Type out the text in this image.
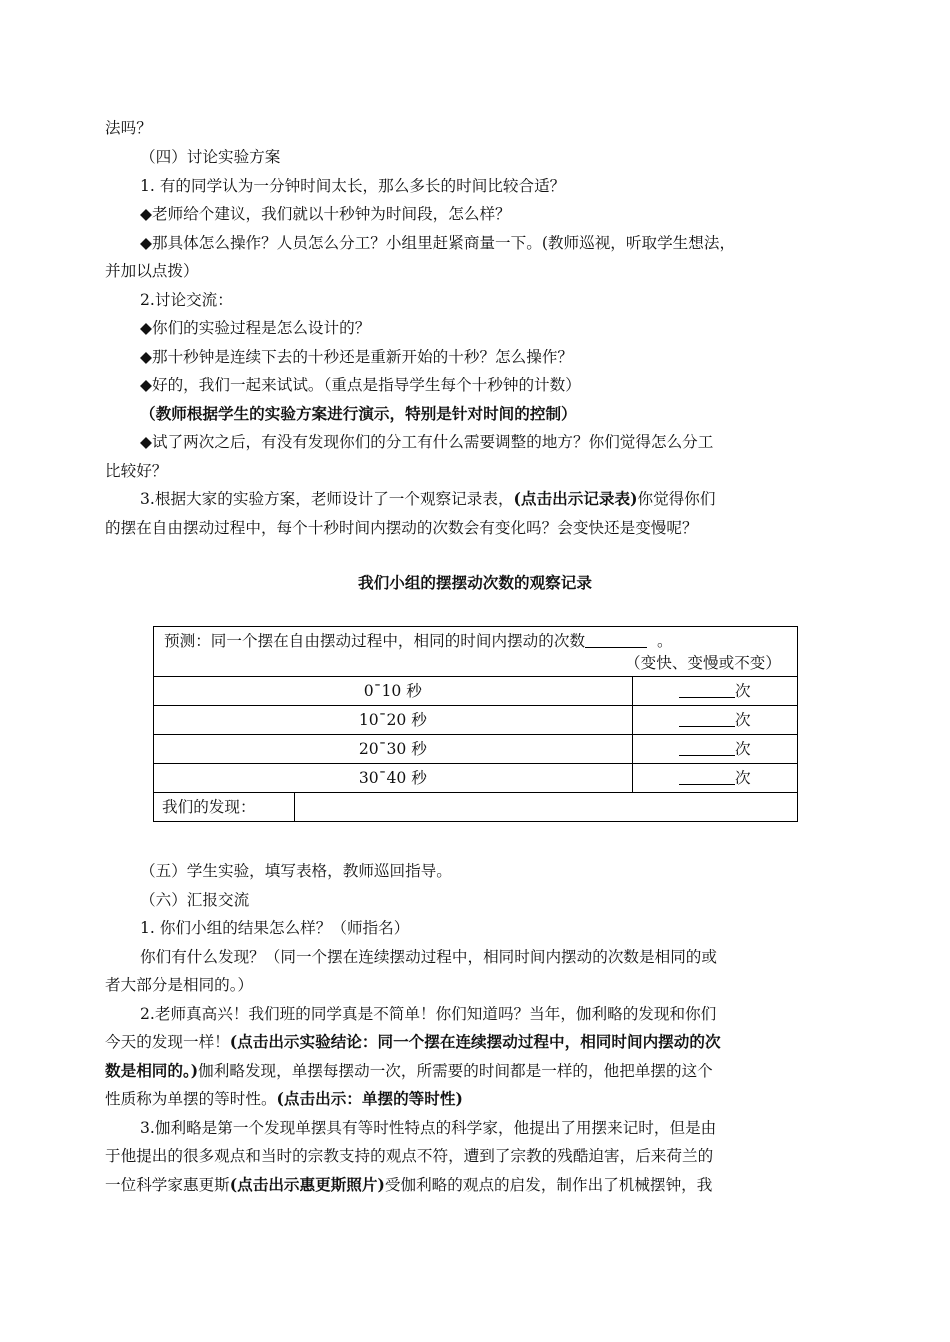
法吗？
（四）讨论实验方案
1. 有的同学认为一分钟时间太长，那么多长的时间比较合适？
◆老师给个建议，我们就以十秒钟为时间段，怎么样？
◆那具体怎么操作？人员怎么分工？小组里赶紧商量一下。(教师巡视，听取学生想法，
并加以点拨）
2.讨论交流：
◆你们的实验过程是怎么设计的？
◆那十秒钟是连续下去的十秒还是重新开始的十秒？怎么操作？
◆好的，我们一起来试试。（重点是指导学生每个十秒钟的计数）
（教师根据学生的实验方案进行演示，特别是针对时间的控制）
◆试了两次之后，有没有发现你们的分工有什么需要调整的地方？你们觉得怎么分工
比较好？
3.根据大家的实验方案，老师设计了一个观察记录表，(点击出示记录表)你觉得你们
的摆在自由摆动过程中，每个十秒时间内摆动的次数会有变化吗？会变快还是变慢呢？
我们小组的摆摆动次数的观察记录
预测：同一个摆在自由摆动过程中，相同的时间内摆动的次数 。
（变快、变慢或不变）		

0¯10 秒		次
10¯20 秒		次
20¯30 秒		次
30¯40 秒		次
我们的发现：		
（五）学生实验，填写表格，教师巡回指导。
（六）汇报交流
1. 你们小组的结果怎么样？（师指名）
你们有什么发现？（同一个摆在连续摆动过程中，相同时间内摆动的次数是相同的或
者大部分是相同的。）
2.老师真高兴！我们班的同学真是不简单！你们知道吗？当年，伽利略的发现和你们
今天的发现一样！(点击出示实验结论：同一个摆在连续摆动过程中，相同时间内摆动的次
数是相同的。)伽利略发现，单摆每摆动一次，所需要的时间都是一样的，他把单摆的这个
性质称为单摆的等时性。(点击出示：单摆的等时性)
3.伽利略是第一个发现单摆具有等时性特点的科学家，他提出了用摆来记时，但是由
于他提出的很多观点和当时的宗教支持的观点不符，遭到了宗教的残酷迫害，后来荷兰的
一位科学家惠更斯(点击出示惠更斯照片)受伽利略的观点的启发，制作出了机械摆钟，我
